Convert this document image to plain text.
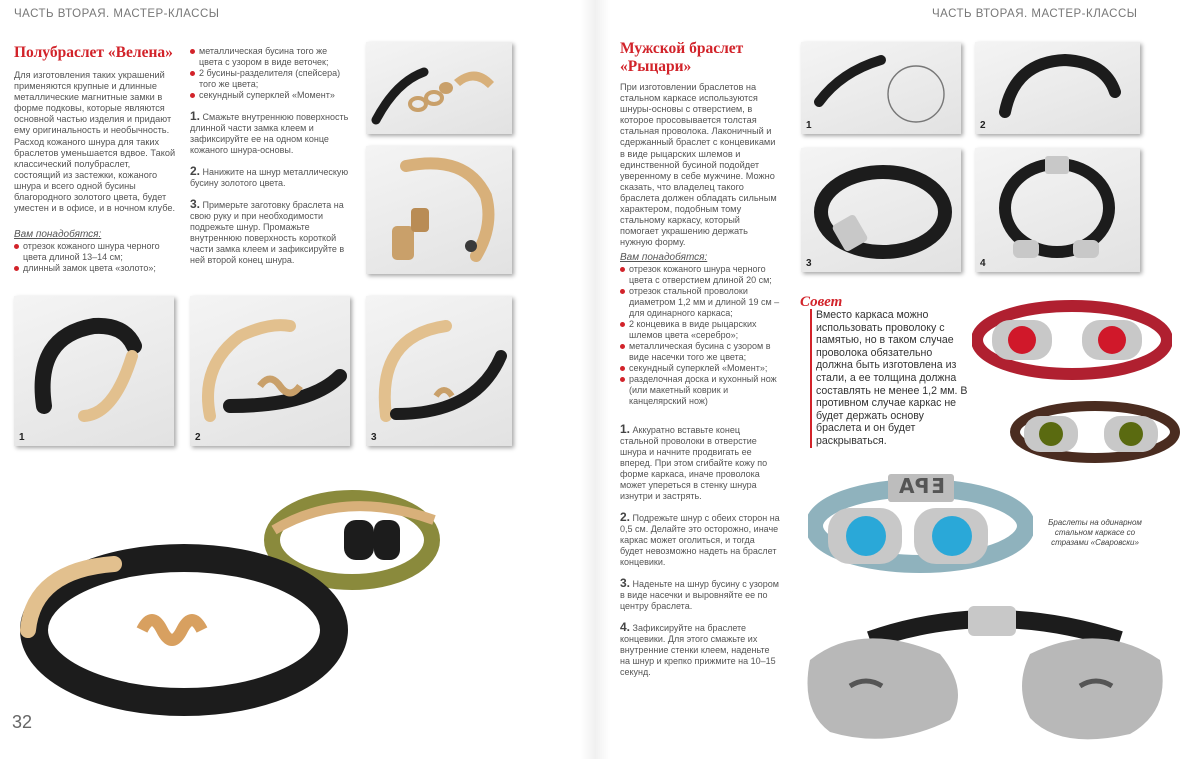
ЧАСТЬ ВТОРАЯ. МАСТЕР-КЛАССЫ
Полубраслет «Велена»
Для изготовления таких украшений применяются крупные и длинные металлические магнитные замки в форме подковы, которые являются основной частью изделия и придают ему оригинальность и необычность. Расход кожаного шнура для таких браслетов уменьшается вдвое. Такой классический полубраслет, состоящий из застежки, кожаного шнура и всего одной бусины благородного золотого цвета, будет уместен и в офисе, и в ночном клубе.
Вам понадобятся:
отрезок кожаного шнура черного цвета длиной 13–14 см;
длинный замок цвета «золото»;
металлическая бусина того же цвета с узором в виде веточек;
2 бусины-разделителя (спейсера) того же цвета;
секундный суперклей «Момент»
1. Смажьте внутреннюю поверхность длинной части замка клеем и зафиксируйте ее на одном конце кожаного шнура-основы.
2. Нанижите на шнур металлическую бусину золотого цвета.
3. Примерьте заготовку браслета на свою руку и при необходимости подрежьте шнур. Промажьте внутреннюю поверхность короткой части замка клеем и зафиксируйте в ней второй конец шнура.
1	2	3
32
ЧАСТЬ ВТОРАЯ. МАСТЕР-КЛАССЫ
Мужской браслет «Рыцари»
При изготовлении браслетов на стальном каркасе используются шнуры-основы с отверстием, в которое просовывается толстая стальная проволока. Лаконичный и сдержанный браслет с концевиками в виде рыцарских шлемов и единственной бусиной подойдет уверенному в себе мужчине. Можно сказать, что владелец такого браслета должен обладать сильным характером, подобным тому стальному каркасу, который помогает украшению держать нужную форму.
Вам понадобятся:
отрезок кожаного шнура черного цвета с отверстием длиной 20 см;
отрезок стальной проволоки диаметром 1,2 мм и длиной 19 см – для одинарного каркаса;
2 концевика в виде рыцарских шлемов цвета «серебро»;
металлическая бусина с узором в виде насечки того же цвета;
секундный суперклей «Момент»;
разделочная доска и кухонный нож (или макетный коврик и канцелярский нож)
1. Аккуратно вставьте конец стальной проволоки в отверстие шнура и начните продвигать ее вперед. При этом сгибайте кожу по форме каркаса, иначе проволока может упереться в стенку шнура изнутри и застрять.
2. Подрежьте шнур с обеих сторон на 0,5 см. Делайте это осторожно, иначе каркас может оголиться, и тогда будет невозможно надеть на браслет концевики.
3. Наденьте на шнур бусину с узором в виде насечки и выровняйте ее по центру браслета.
4. Зафиксируйте на браслете концевики. Для этого смажьте их внутренние стенки клеем, наденьте на шнур и крепко прижмите на 10–15 секунд.
1	2
3	4
Совет
Вместо каркаса можно использовать проволоку с памятью, но в таком случае проволока обязательно должна быть изготовлена из стали, а ее толщина должна составлять не менее 1,2 мм. В противном случае каркас не будет держать основу браслета и он будет раскрываться.
EPA
Браслеты на одинарном стальном каркасе со стразами «Сваровски»
